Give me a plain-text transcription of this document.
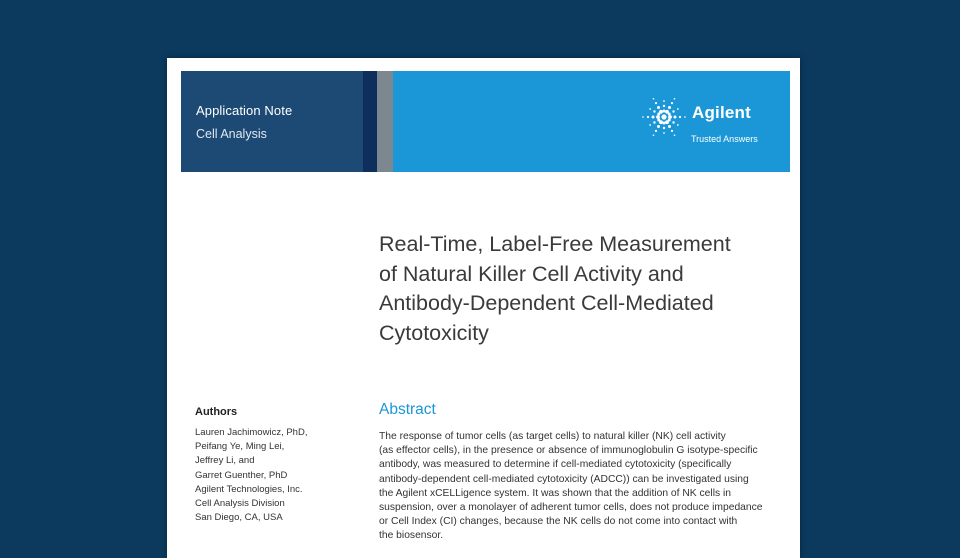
Application Note
Cell Analysis
Agilent
Trusted Answers
Real-Time, Label-Free Measurement
of Natural Killer Cell Activity and
Antibody-Dependent Cell-Mediated
Cytotoxicity
Authors
Lauren Jachimowicz, PhD,
Peifang Ye, Ming Lei,
Jeffrey Li, and
Garret Guenther, PhD
Agilent Technologies, Inc.
Cell Analysis Division
San Diego, CA, USA
Abstract
The response of tumor cells (as target cells) to natural killer (NK) cell activity
(as effector cells), in the presence or absence of immunoglobulin G isotype-specific
antibody, was measured to determine if cell-mediated cytotoxicity (specifically
antibody-dependent cell-mediated cytotoxicity (ADCC)) can be investigated using
the Agilent xCELLigence system. It was shown that the addition of NK cells in
suspension, over a monolayer of adherent tumor cells, does not produce impedance
or Cell Index (CI) changes, because the NK cells do not come into contact with
the biosensor.
